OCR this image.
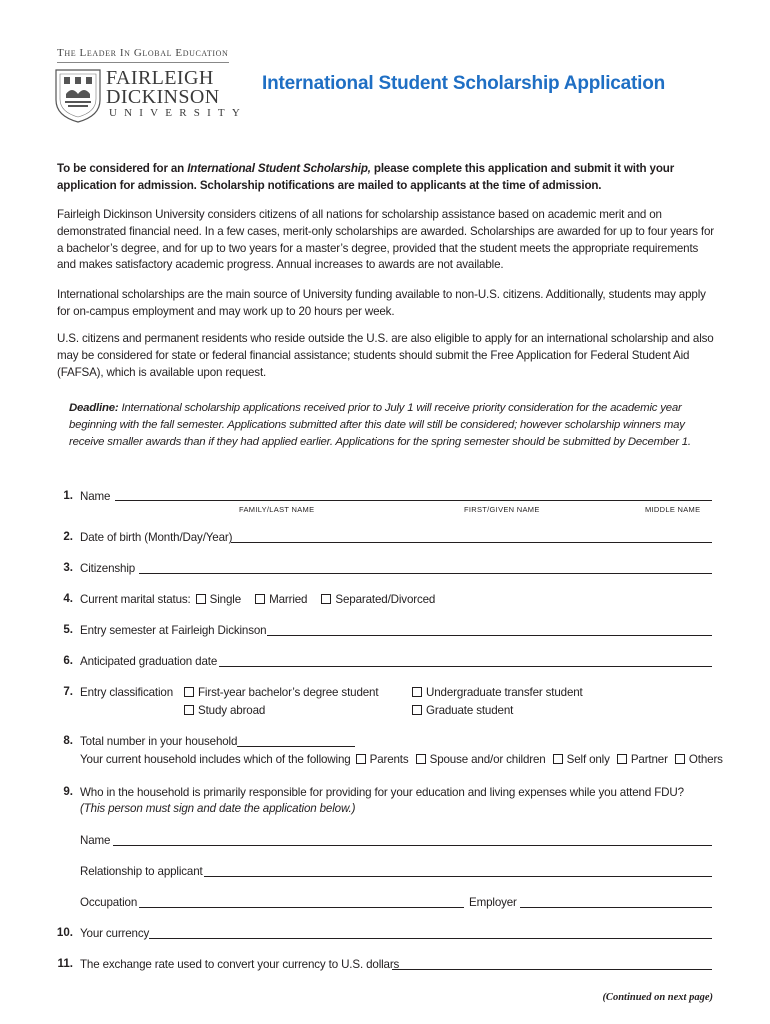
The Leader In Global Education
FAIRLEIGH
DICKINSON
UNIVERSITY
International Student Scholarship Application
To be considered for an International Student Scholarship, please complete this application and submit it with your application for admission. Scholarship notifications are mailed to applicants at the time of admission.
Fairleigh Dickinson University considers citizens of all nations for scholarship assistance based on academic merit and on demonstrated financial need. In a few cases, merit-only scholarships are awarded. Scholarships are awarded for up to four years for a bachelor’s degree, and for up to two years for a master’s degree, provided that the student meets the appropriate requirements and makes satisfactory academic progress. Annual increases to awards are not available.
International scholarships are the main source of University funding available to non-U.S. citizens. Additionally, students may apply for on-campus employment and may work up to 20 hours per week.
U.S. citizens and permanent residents who reside outside the U.S. are also eligible to apply for an international scholarship and also may be considered for state or federal financial assistance; students should submit the Free Application for Federal Student Aid (FAFSA), which is available upon request.
Deadline: International scholarship applications received prior to July 1 will receive priority consideration for the academic year beginning with the fall semester. Applications submitted after this date will still be considered; however scholarship winners may receive smaller awards than if they had applied earlier. Applications for the spring semester should be submitted by December 1.
1. Name
FAMILY/LAST NAME	FIRST/GIVEN NAME	MIDDLE NAME
2. Date of birth (Month/Day/Year)
3. Citizenship
4. Current marital status: Single Married Separated/Divorced
5. Entry semester at Fairleigh Dickinson
6. Anticipated graduation date
7. Entry classification	First-year bachelor’s degree student	Undergraduate transfer student
Study abroad	Graduate student
8. Total number in your household
Your current household includes which of the following Parents Spouse and/or children Self only Partner Others
9. Who in the household is primarily responsible for providing for your education and living expenses while you attend FDU?
(This person must sign and date the application below.)
Name
Relationship to applicant
Occupation	Employer
10. Your currency
11. The exchange rate used to convert your currency to U.S. dollars
(Continued on next page)
